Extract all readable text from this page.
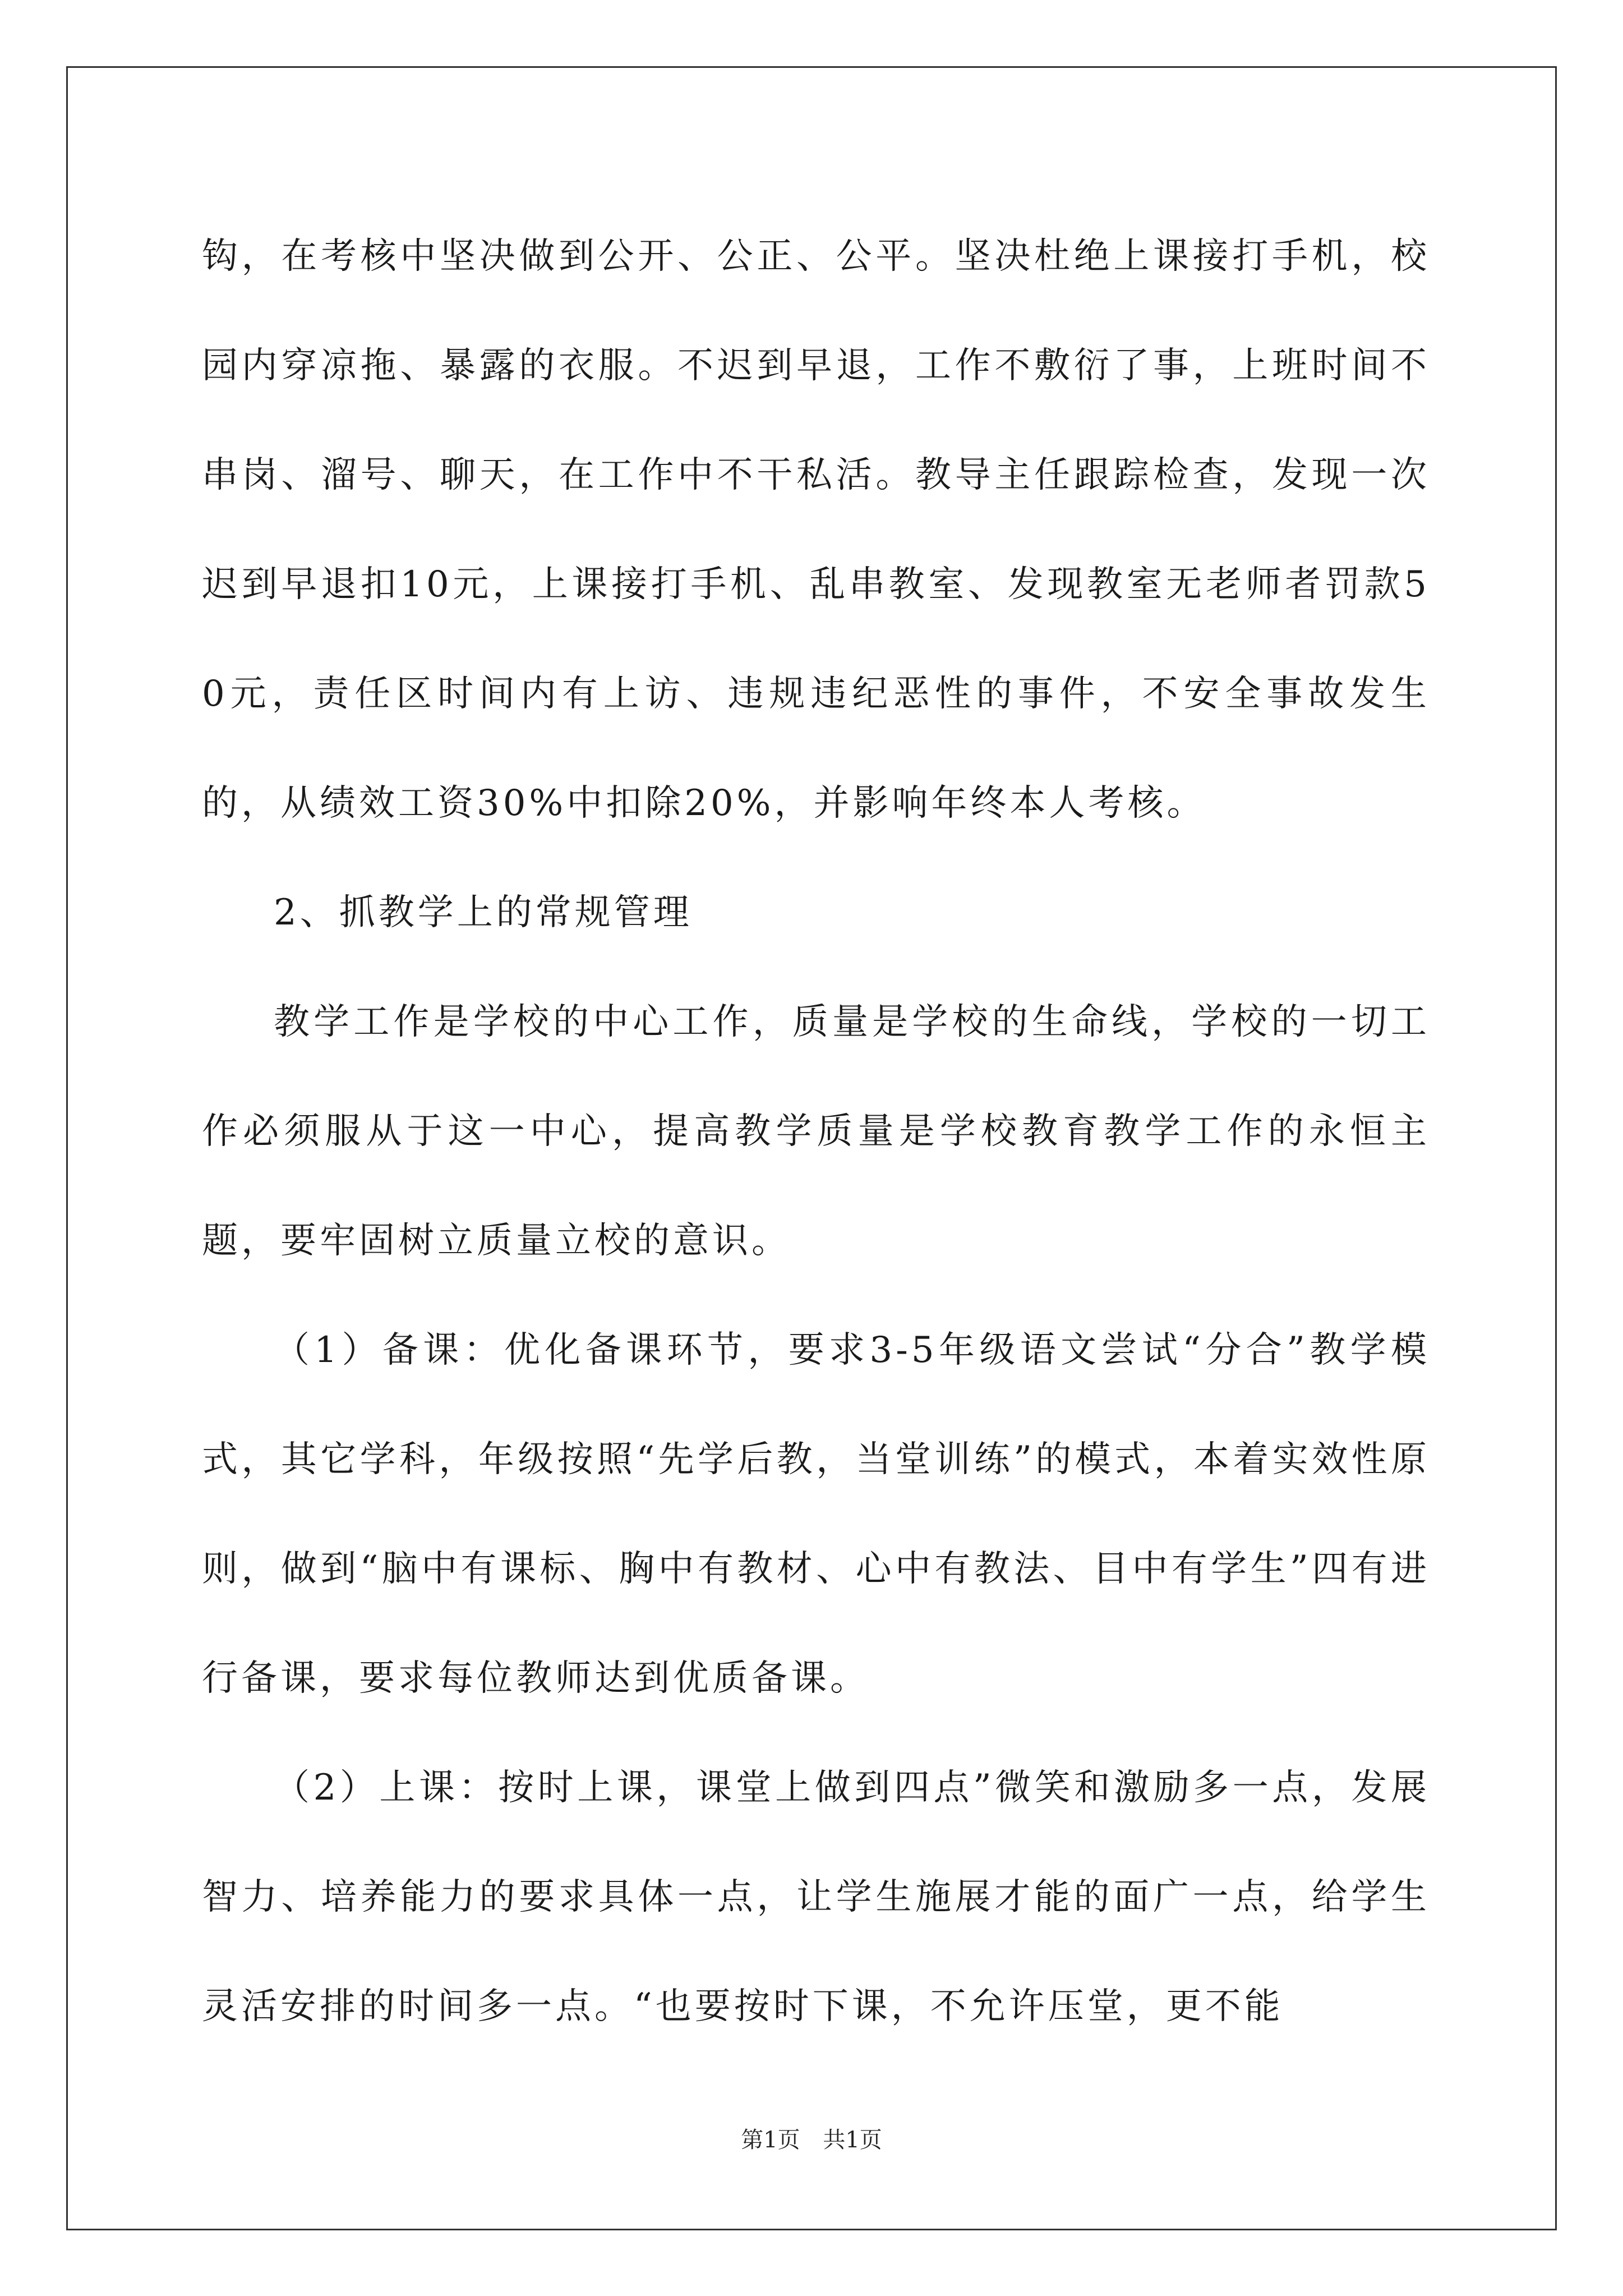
钩，在考核中坚决做到公开、公正、公平。坚决杜绝上课接打手机，校园内穿凉拖、暴露的衣服。不迟到早退，工作不敷衍了事，上班时间不串岗、溜号、聊天，在工作中不干私活。教导主任跟踪检查，发现一次迟到早退扣10元，上课接打手机、乱串教室、发现教室无老师者罚款50元，责任区时间内有上访、违规违纪恶性的事件，不安全事故发生的，从绩效工资30%中扣除20%，并影响年终本人考核。

2、抓教学上的常规管理

教学工作是学校的中心工作，质量是学校的生命线，学校的一切工作必须服从于这一中心，提高教学质量是学校教育教学工作的永恒主题，要牢固树立质量立校的意识。

（1）备课：优化备课环节，要求3-5年级语文尝试“分合”教学模式，其它学科，年级按照“先学后教，当堂训练”的模式，本着实效性原则，做到“脑中有课标、胸中有教材、心中有教法、目中有学生”四有进行备课，要求每位教师达到优质备课。

（2）上课：按时上课，课堂上做到四点”微笑和激励多一点，发展智力、培养能力的要求具体一点，让学生施展才能的面广一点，给学生灵活安排的时间多一点。“也要按时下课，不允许压堂，更不能

第1页 共1页
